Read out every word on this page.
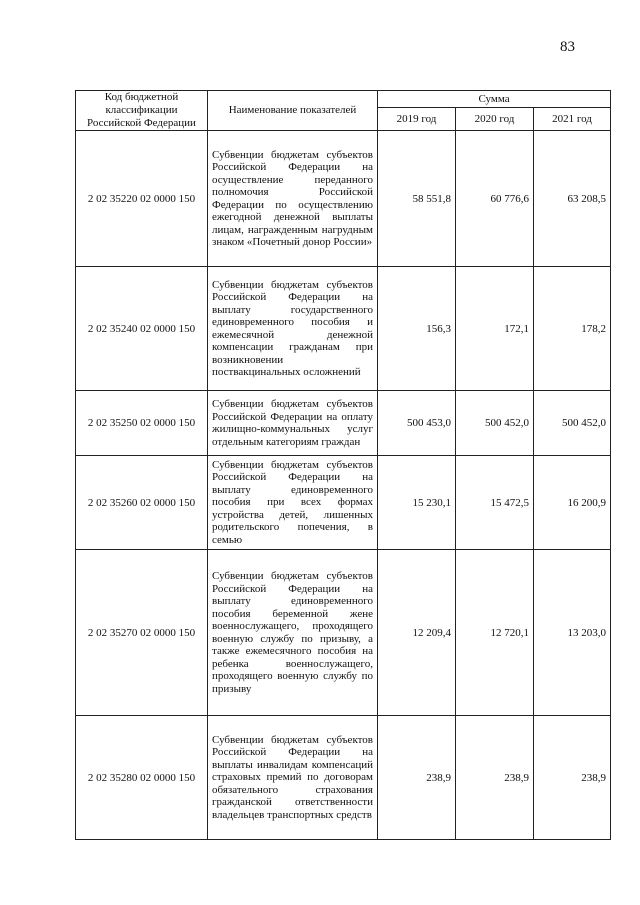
83
Код бюджетной классификации Российской Федерации	Наименование показателей	Сумма		
		2019 год	2020 год	2021 год
2 02 35220 02 0000 150	Субвенции бюджетам субъектов Российской Федерации на осуществление переданного полномочия Российской Федерации по осуществлению ежегодной денежной выплаты лицам, награжденным нагрудным знаком «Почетный донор России»	58 551,8	60 776,6	63 208,5
2 02 35240 02 0000 150	Субвенции бюджетам субъектов Российской Федерации на выплату государственного единовременного пособия и ежемесячной денежной компенсации гражданам при возникновении поствакцинальных осложнений	156,3	172,1	178,2
2 02 35250 02 0000 150	Субвенции бюджетам субъектов Российской Федерации на оплату жилищно-коммунальных услуг отдельным категориям граждан	500 453,0	500 452,0	500 452,0
2 02 35260 02 0000 150	Субвенции бюджетам субъектов Российской Федерации на выплату единовременного пособия при всех формах устройства детей, лишенных родительского попечения, в семью	15 230,1	15 472,5	16 200,9
2 02 35270 02 0000 150	Субвенции бюджетам субъектов Российской Федерации на выплату единовременного пособия беременной жене военнослужащего, проходящего военную службу по призыву, а также ежемесячного пособия на ребенка военнослужащего, проходящего военную службу по призыву	12 209,4	12 720,1	13 203,0
2 02 35280 02 0000 150	Субвенции бюджетам субъектов Российской Федерации на выплаты инвалидам компенсаций страховых премий по договорам обязательного страхования гражданской ответственности владельцев транспортных средств	238,9	238,9	238,9
